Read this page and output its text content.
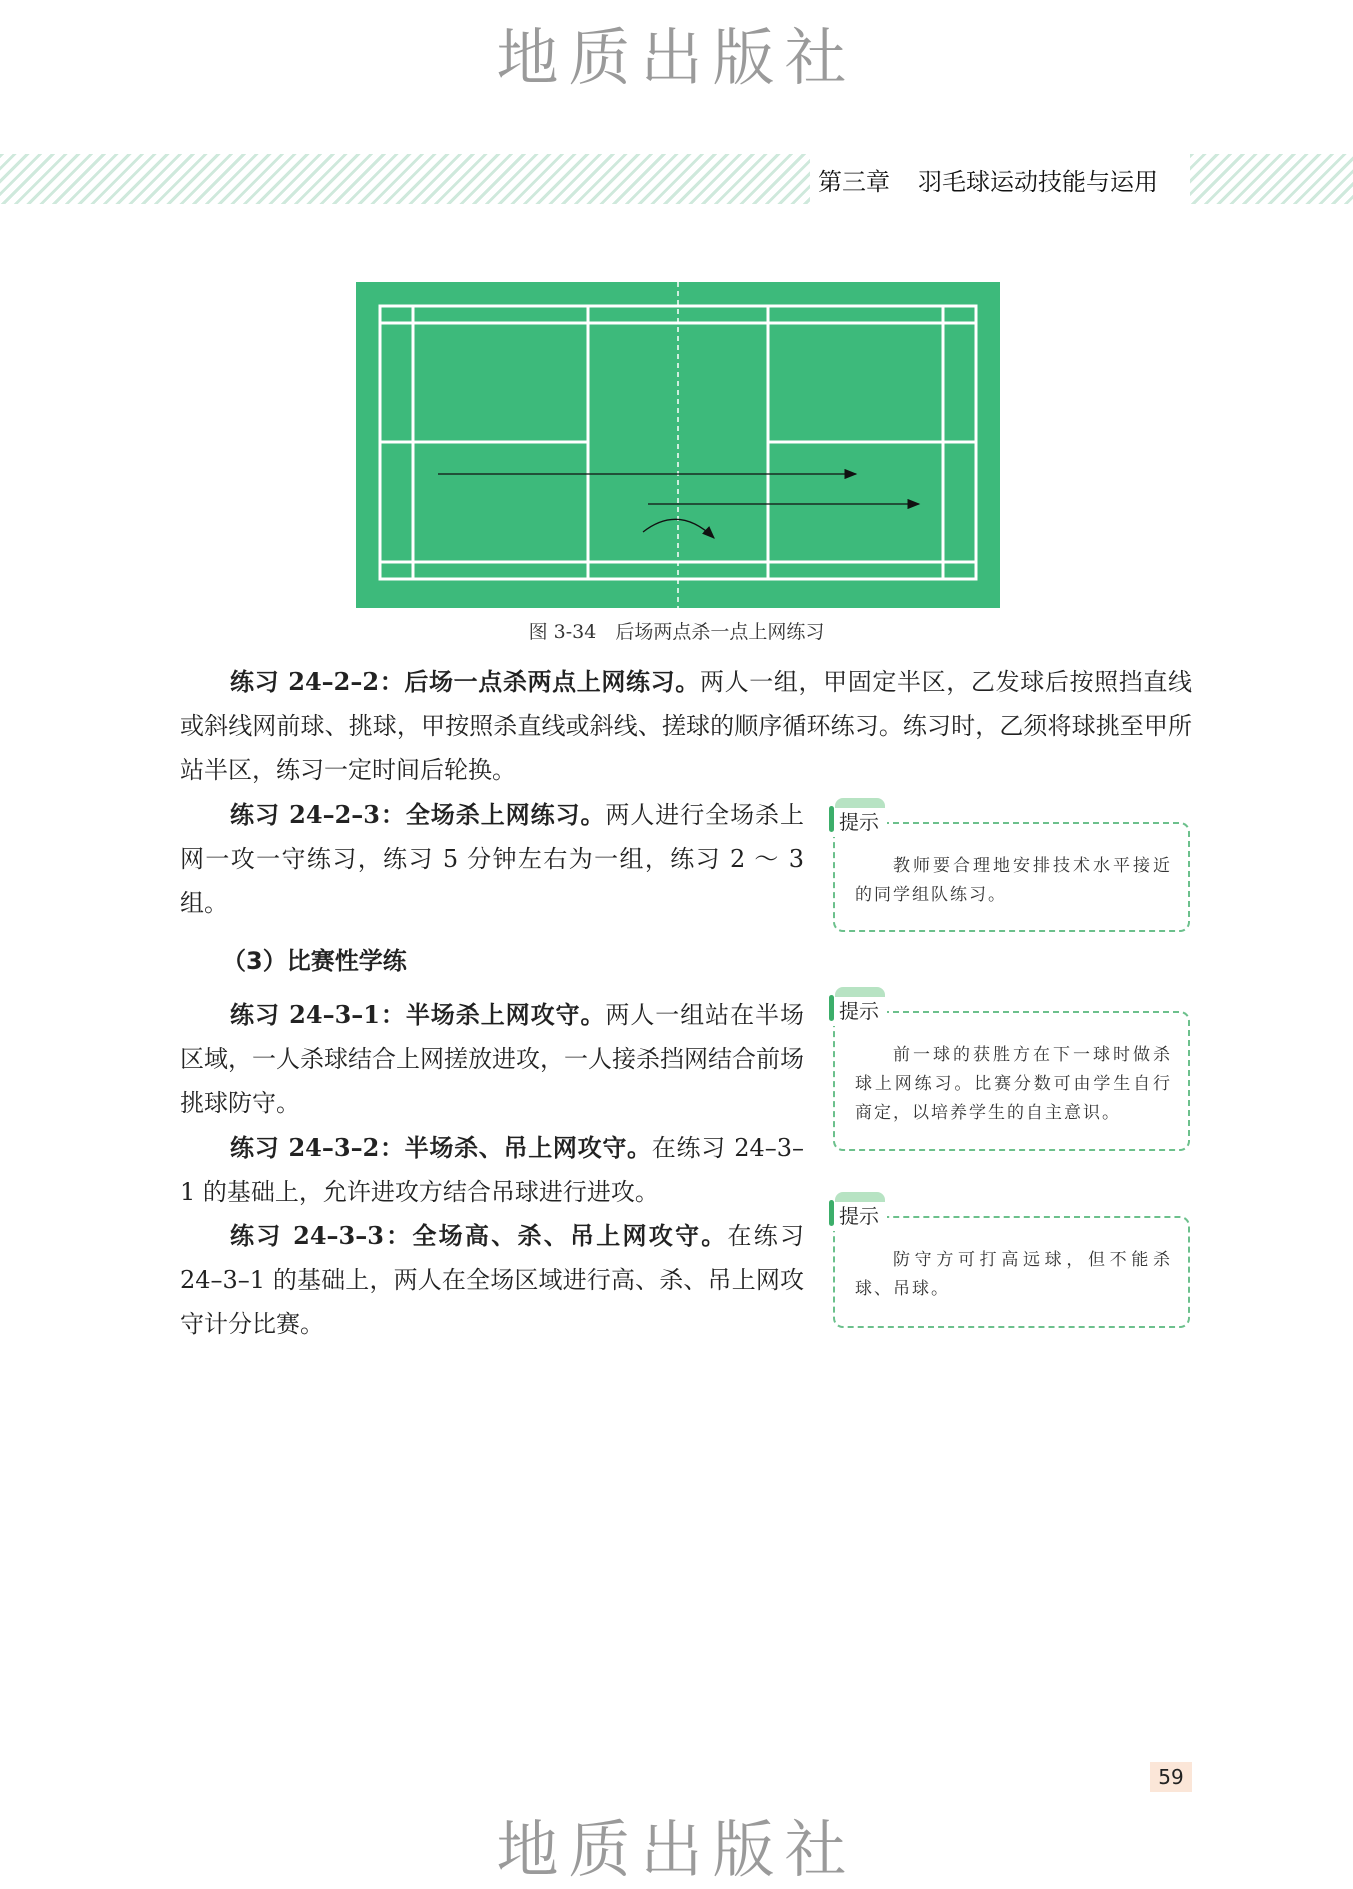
地质出版社
第三章 羽毛球运动技能与运用
图 3-34　后场两点杀一点上网练习

练习 24–2–2：后场一点杀两点上网练习。两人一组，甲固定半区，乙发球后按照挡直线或斜线网前球、挑球，甲按照杀直线或斜线、搓球的顺序循环练习。练习时，乙须将球挑至甲所站半区，练习一定时间后轮换。

练习 24–2–3：全场杀上网练习。两人进行全场杀上网一攻一守练习，练习 5 分钟左右为一组，练习 2 ～ 3 组。

提示

教师要合理地安排技术水平接近的同学组队练习。

（3）比赛性学练

练习 24–3–1：半场杀上网攻守。两人一组站在半场区域，一人杀球结合上网搓放进攻，一人接杀挡网结合前场挑球防守。

提示

前一球的获胜方在下一球时做杀球上网练习。比赛分数可由学生自行商定，以培养学生的自主意识。

练习 24–3–2：半场杀、吊上网攻守。在练习 24–3–1 的基础上，允许进攻方结合吊球进行进攻。

练习 24–3–3：全场高、杀、吊上网攻守。在练习 24–3–1 的基础上，两人在全场区域进行高、杀、吊上网攻守计分比赛。

提示

防守方可打高远球，但不能杀球、吊球。

59
地质出版社
